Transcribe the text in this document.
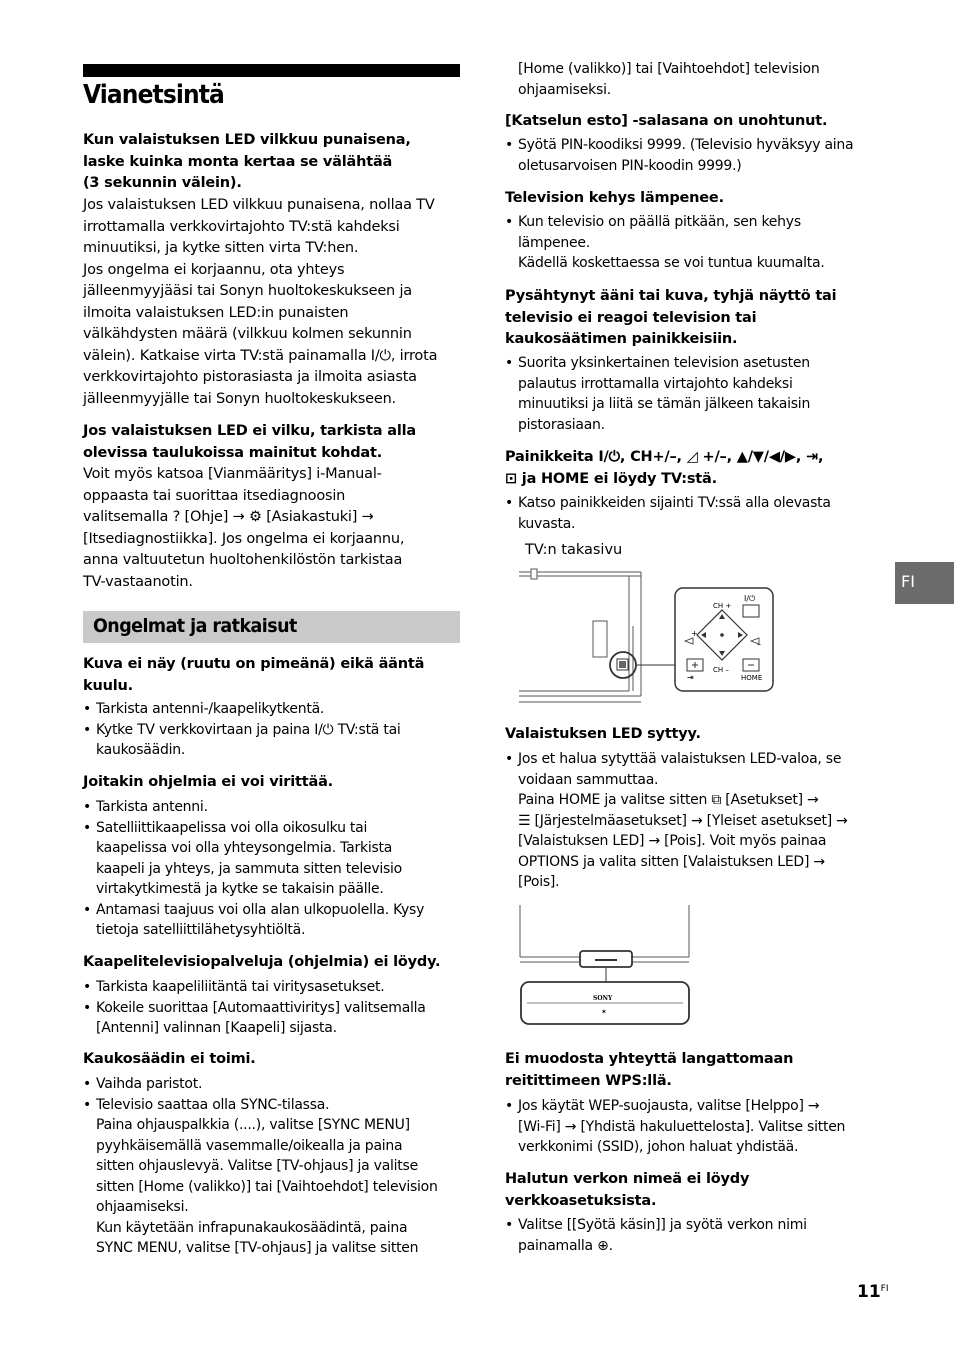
Vianetsintä
Kun valaistuksen LED vilkkuu punaisena,
laske kuinka monta kertaa se välähtää
(3 sekunnin välein).
Jos valaistuksen LED vilkkuu punaisena, nollaa TV
irrottamalla verkkovirtajohto TV:stä kahdeksi
minuutiksi, ja kytke sitten virta TV:hen.
Jos ongelma ei korjaannu, ota yhteys
jälleenmyyjääsi tai Sonyn huoltokeskukseen ja
ilmoita valaistuksen LED:in punaisten
välkähdysten määrä (vilkkuu kolmen sekunnin
välein). Katkaise virta TV:stä painamalla I/⏻, irrota
verkkovirtajohto pistorasiasta ja ilmoita asiasta
jälleenmyyjälle tai Sonyn huoltokeskukseen.
Jos valaistuksen LED ei vilku, tarkista alla
olevissa taulukoissa mainitut kohdat.
Voit myös katsoa [Vianmääritys] i-Manual-
oppaasta tai suorittaa itsediagnoosin
valitsemalla ? [Ohje] → ⚙ [Asiakastuki] →
[Itsediagnostiikka]. Jos ongelma ei korjaannu,
anna valtuutetun huoltohenkilöstön tarkistaa
TV-vastaanotin.
Ongelmat ja ratkaisut
Kuva ei näy (ruutu on pimeänä) eikä ääntä
kuulu.
• Tarkista antenni-/kaapelikytkentä.
• Kytke TV verkkovirtaan ja paina I/⏻ TV:stä tai
kaukosäädin.
Joitakin ohjelmia ei voi virittää.
• Tarkista antenni.
• Satelliittikaapelissa voi olla oikosulku tai
kaapelissa voi olla yhteysongelmia. Tarkista
kaapeli ja yhteys, ja sammuta sitten televisio
virtakytkimestä ja kytke se takaisin päälle.
• Antamasi taajuus voi olla alan ulkopuolella. Kysy
tietoja satelliittilähetysyhtiöltä.
Kaapelitelevisiopalveluja (ohjelmia) ei löydy.
• Tarkista kaapeliliitäntä tai viritysasetukset.
• Kokeile suorittaa [Automaattiviritys] valitsemalla
[Antenni] valinnan [Kaapeli] sijasta.
Kaukosäädin ei toimi.
• Vaihda paristot.
• Televisio saattaa olla SYNC-tilassa.
Paina ohjauspalkkia (....), valitse [SYNC MENU]
pyyhkäisemällä vasemmalle/oikealla ja paina
sitten ohjauslevyä. Valitse [TV-ohjaus] ja valitse
sitten [Home (valikko)] tai [Vaihtoehdot] television
ohjaamiseksi.
Kun käytetään infrapunakaukosäädintä, paina
SYNC MENU, valitse [TV-ohjaus] ja valitse sitten
[Home (valikko)] tai [Vaihtoehdot] television
ohjaamiseksi.
[Katselun esto] -salasana on unohtunut.
• Syötä PIN-koodiksi 9999. (Televisio hyväksyy aina
oletusarvoisen PIN-koodin 9999.)
Television kehys lämpenee.
• Kun televisio on päällä pitkään, sen kehys
lämpenee.
Kädellä koskettaessa se voi tuntua kuumalta.
Pysähtynyt ääni tai kuva, tyhjä näyttö tai
televisio ei reagoi television tai
kaukosäätimen painikkeisiin.
• Suorita yksinkertainen television asetusten
palautus irrottamalla virtajohto kahdeksi
minuutiksi ja liitä se tämän jälkeen takaisin
pistorasiaan.
Painikkeita I/⏻, CH+/–, ◿ +/–, ▲/▼/◀/▶, ⇥,
⊡ ja HOME ei löydy TV:stä.
• Katso painikkeiden sijainti TV:ssä alla olevasta
kuvasta.
TV:n takasivu
I/⏻
CH +
CH –
+
–
HOME
⇥
Valaistuksen LED syttyy.
• Jos et halua sytyttää valaistuksen LED-valoa, se
voidaan sammuttaa.
Paina HOME ja valitse sitten ⧉ [Asetukset] →
☰ [Järjestelmäasetukset] → [Yleiset asetukset] →
[Valaistuksen LED] → [Pois]. Voit myös painaa
OPTIONS ja valita sitten [Valaistuksen LED] →
[Pois].
SONY
✶
Ei muodosta yhteyttä langattomaan
reitittimeen WPS:llä.
• Jos käytät WEP-suojausta, valitse [Helppo] →
[Wi-Fi] → [Yhdistä hakuluettelosta]. Valitse sitten
verkkonimi (SSID), johon haluat yhdistää.
Halutun verkon nimeä ei löydy
verkkoasetuksista.
• Valitse [[Syötä käsin]] ja syötä verkon nimi
painamalla ⊕.
FI
$11^{FI}$
